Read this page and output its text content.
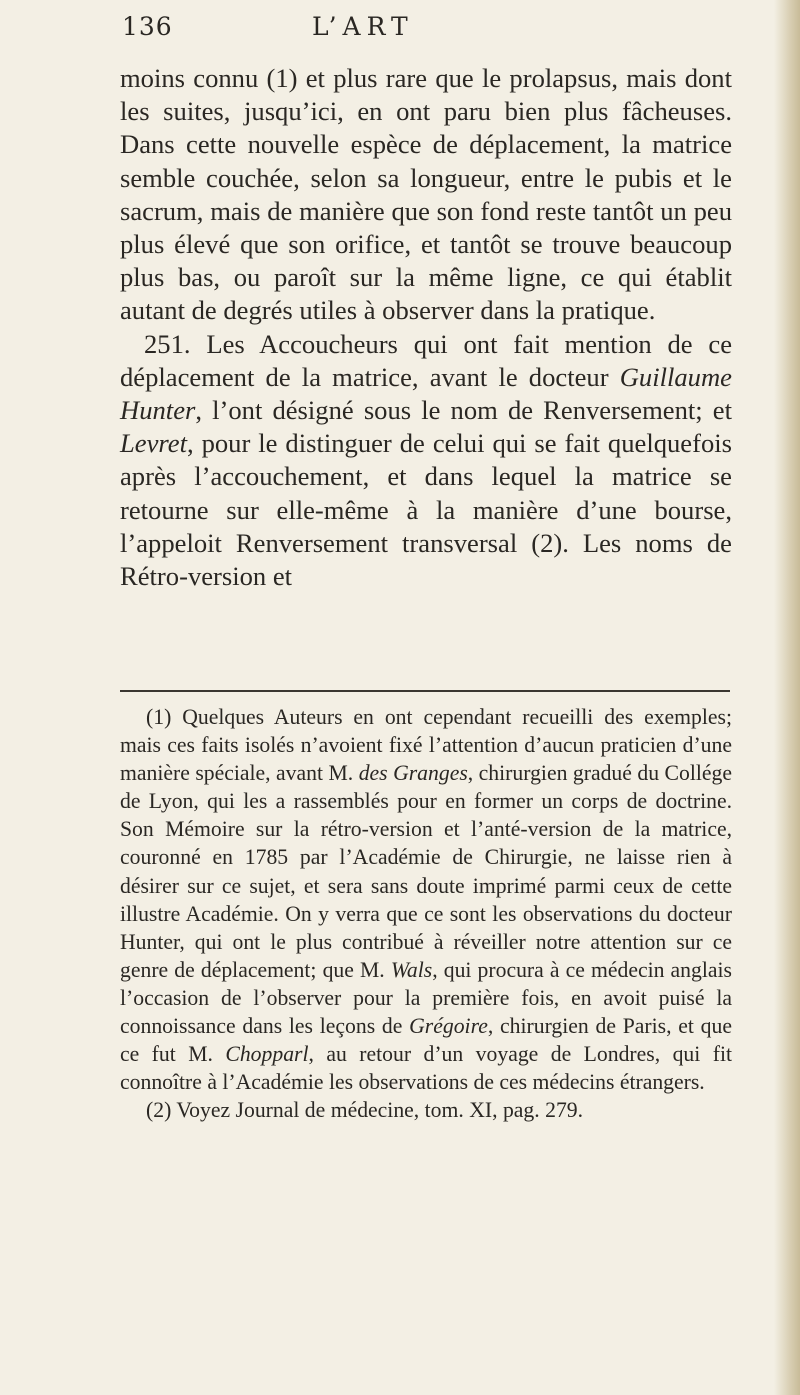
136	L’ART

moins connu (1) et plus rare que le prolapsus, mais dont les suites, jusqu’ici, en ont paru bien plus fâcheuses. Dans cette nouvelle espèce de déplacement, la matrice semble couchée, selon sa longueur, entre le pubis et le sacrum, mais de manière que son fond reste tantôt un peu plus élevé que son orifice, et tantôt se trouve beaucoup plus bas, ou paroît sur la même ligne, ce qui établit autant de degrés utiles à observer dans la pratique.

251. Les Accoucheurs qui ont fait mention de ce déplacement de la matrice, avant le docteur Guillaume Hunter, l’ont désigné sous le nom de Renversement; et Levret, pour le distinguer de celui qui se fait quelquefois après l’accouchement, et dans lequel la matrice se retourne sur elle-même à la manière d’une bourse, l’appeloit Renversement transversal (2). Les noms de Rétro-version et

(1) Quelques Auteurs en ont cependant recueilli des exemples; mais ces faits isolés n’avoient fixé l’attention d’aucun praticien d’une manière spéciale, avant M. des Granges, chirurgien gradué du Collége de Lyon, qui les a rassemblés pour en former un corps de doctrine. Son Mémoire sur la rétro-version et l’anté-version de la matrice, couronné en 1785 par l’Académie de Chirurgie, ne laisse rien à désirer sur ce sujet, et sera sans doute imprimé parmi ceux de cette illustre Académie. On y verra que ce sont les observations du docteur Hunter, qui ont le plus contribué à réveiller notre attention sur ce genre de déplacement; que M. Wals, qui procura à ce médecin anglais l’occasion de l’observer pour la première fois, en avoit puisé la connoissance dans les leçons de Grégoire, chirurgien de Paris, et que ce fut M. Chopparl, au retour d’un voyage de Londres, qui fit connoître à l’Académie les observations de ces médecins étrangers.

(2) Voyez Journal de médecine, tom. XI, pag. 279.
